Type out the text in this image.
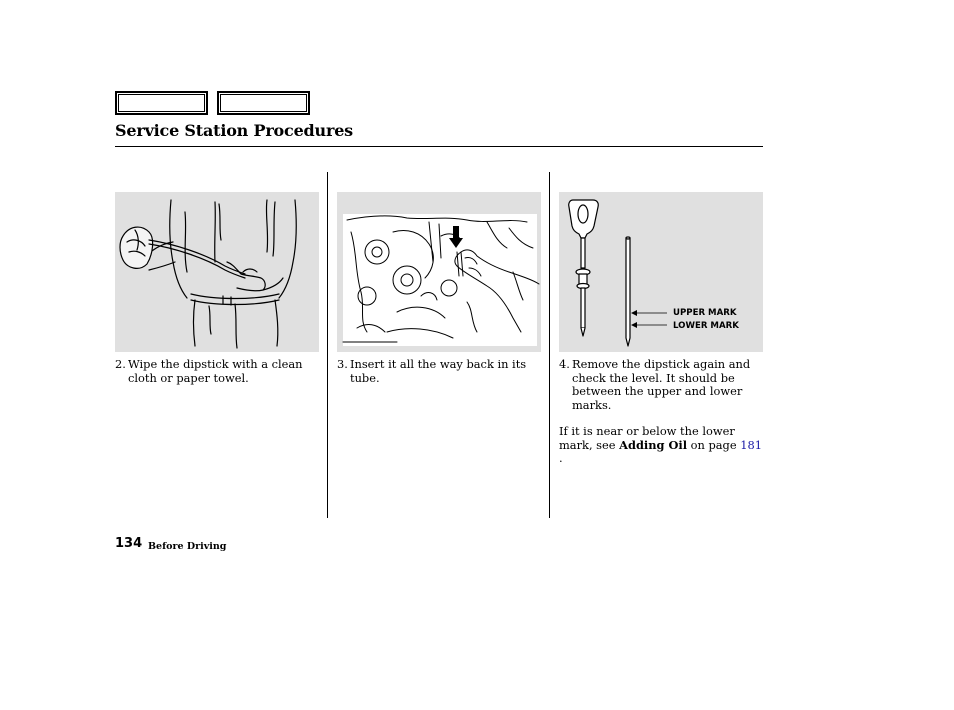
Service Station Procedures
2. Wipe the dipstick with a clean cloth or paper towel.
3. Insert it all the way back in its tube.
UPPER MARK
LOWER MARK
4. Remove the dipstick again and check the level. It should be between the upper and lower marks.
If it is near or below the lower mark, see Adding Oil on page 181 .
134 Before Driving
